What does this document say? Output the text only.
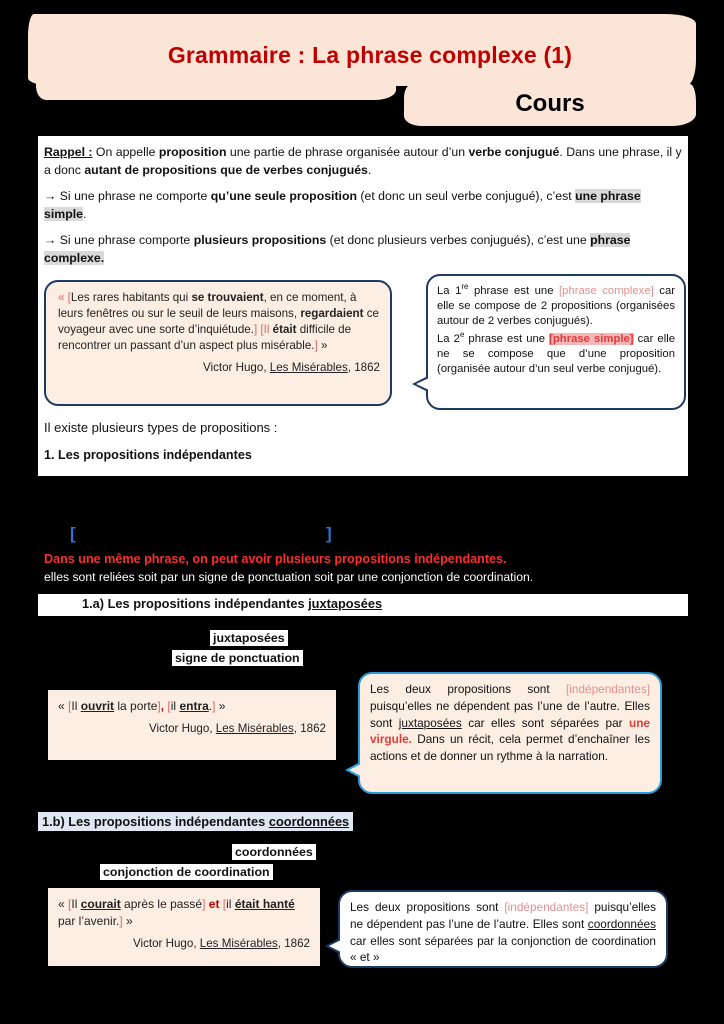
Grammaire : La phrase complexe (1)
Cours
Rappel : On appelle proposition une partie de phrase organisée autour d’un verbe conjugué. Dans une phrase, il y a donc autant de propositions que de verbes conjugués.
→ Si une phrase ne comporte qu’une seule proposition (et donc un seul verbe conjugué), c’est une phrase simple.
→ Si une phrase comporte plusieurs propositions (et donc plusieurs verbes conjugués), c’est une phrase complexe.
« [Les rares habitants qui se trouvaient, en ce moment, à leurs fenêtres ou sur le seuil de leurs maisons, regardaient ce voyageur avec une sorte d’inquiétude.] [Il était difficile de rencontrer un passant d’un aspect plus misérable.] »
Victor Hugo, Les Misérables, 1862
La 1re phrase est une [phrase complexe] car elle se compose de 2 propositions (organisées autour de 2 verbes conjugués).
La 2e phrase est une [phrase simple] car elle ne se compose que d’une proposition (organisée autour d’un seul verbe conjugué).
Il existe plusieurs types de propositions :
1. Les propositions indépendantes
[	]
Dans une même phrase, on peut avoir plusieurs propositions indépendantes.
elles sont reliées soit par un signe de ponctuation soit par une conjonction de coordination.
1.a) Les propositions indépendantes juxtaposées
juxtaposées
signe de ponctuation
« [Il ouvrit la porte], [il entra.] »
Victor Hugo, Les Misérables, 1862
Les deux propositions sont [indépendantes] puisqu’elles ne dépendent pas l’une de l’autre. Elles sont juxtaposées car elles sont séparées par une virgule. Dans un récit, cela permet d’enchaîner les actions et de donner un rythme à la narration.
1.b) Les propositions indépendantes coordonnées
coordonnées
conjonction de coordination
« [Il courait après le passé] et [il était hanté par l’avenir.] »
Victor Hugo, Les Misérables, 1862
Les deux propositions sont [indépendantes] puisqu’elles ne dépendent pas l’une de l’autre. Elles sont coordonnées car elles sont séparées par la conjonction de coordination « et »
